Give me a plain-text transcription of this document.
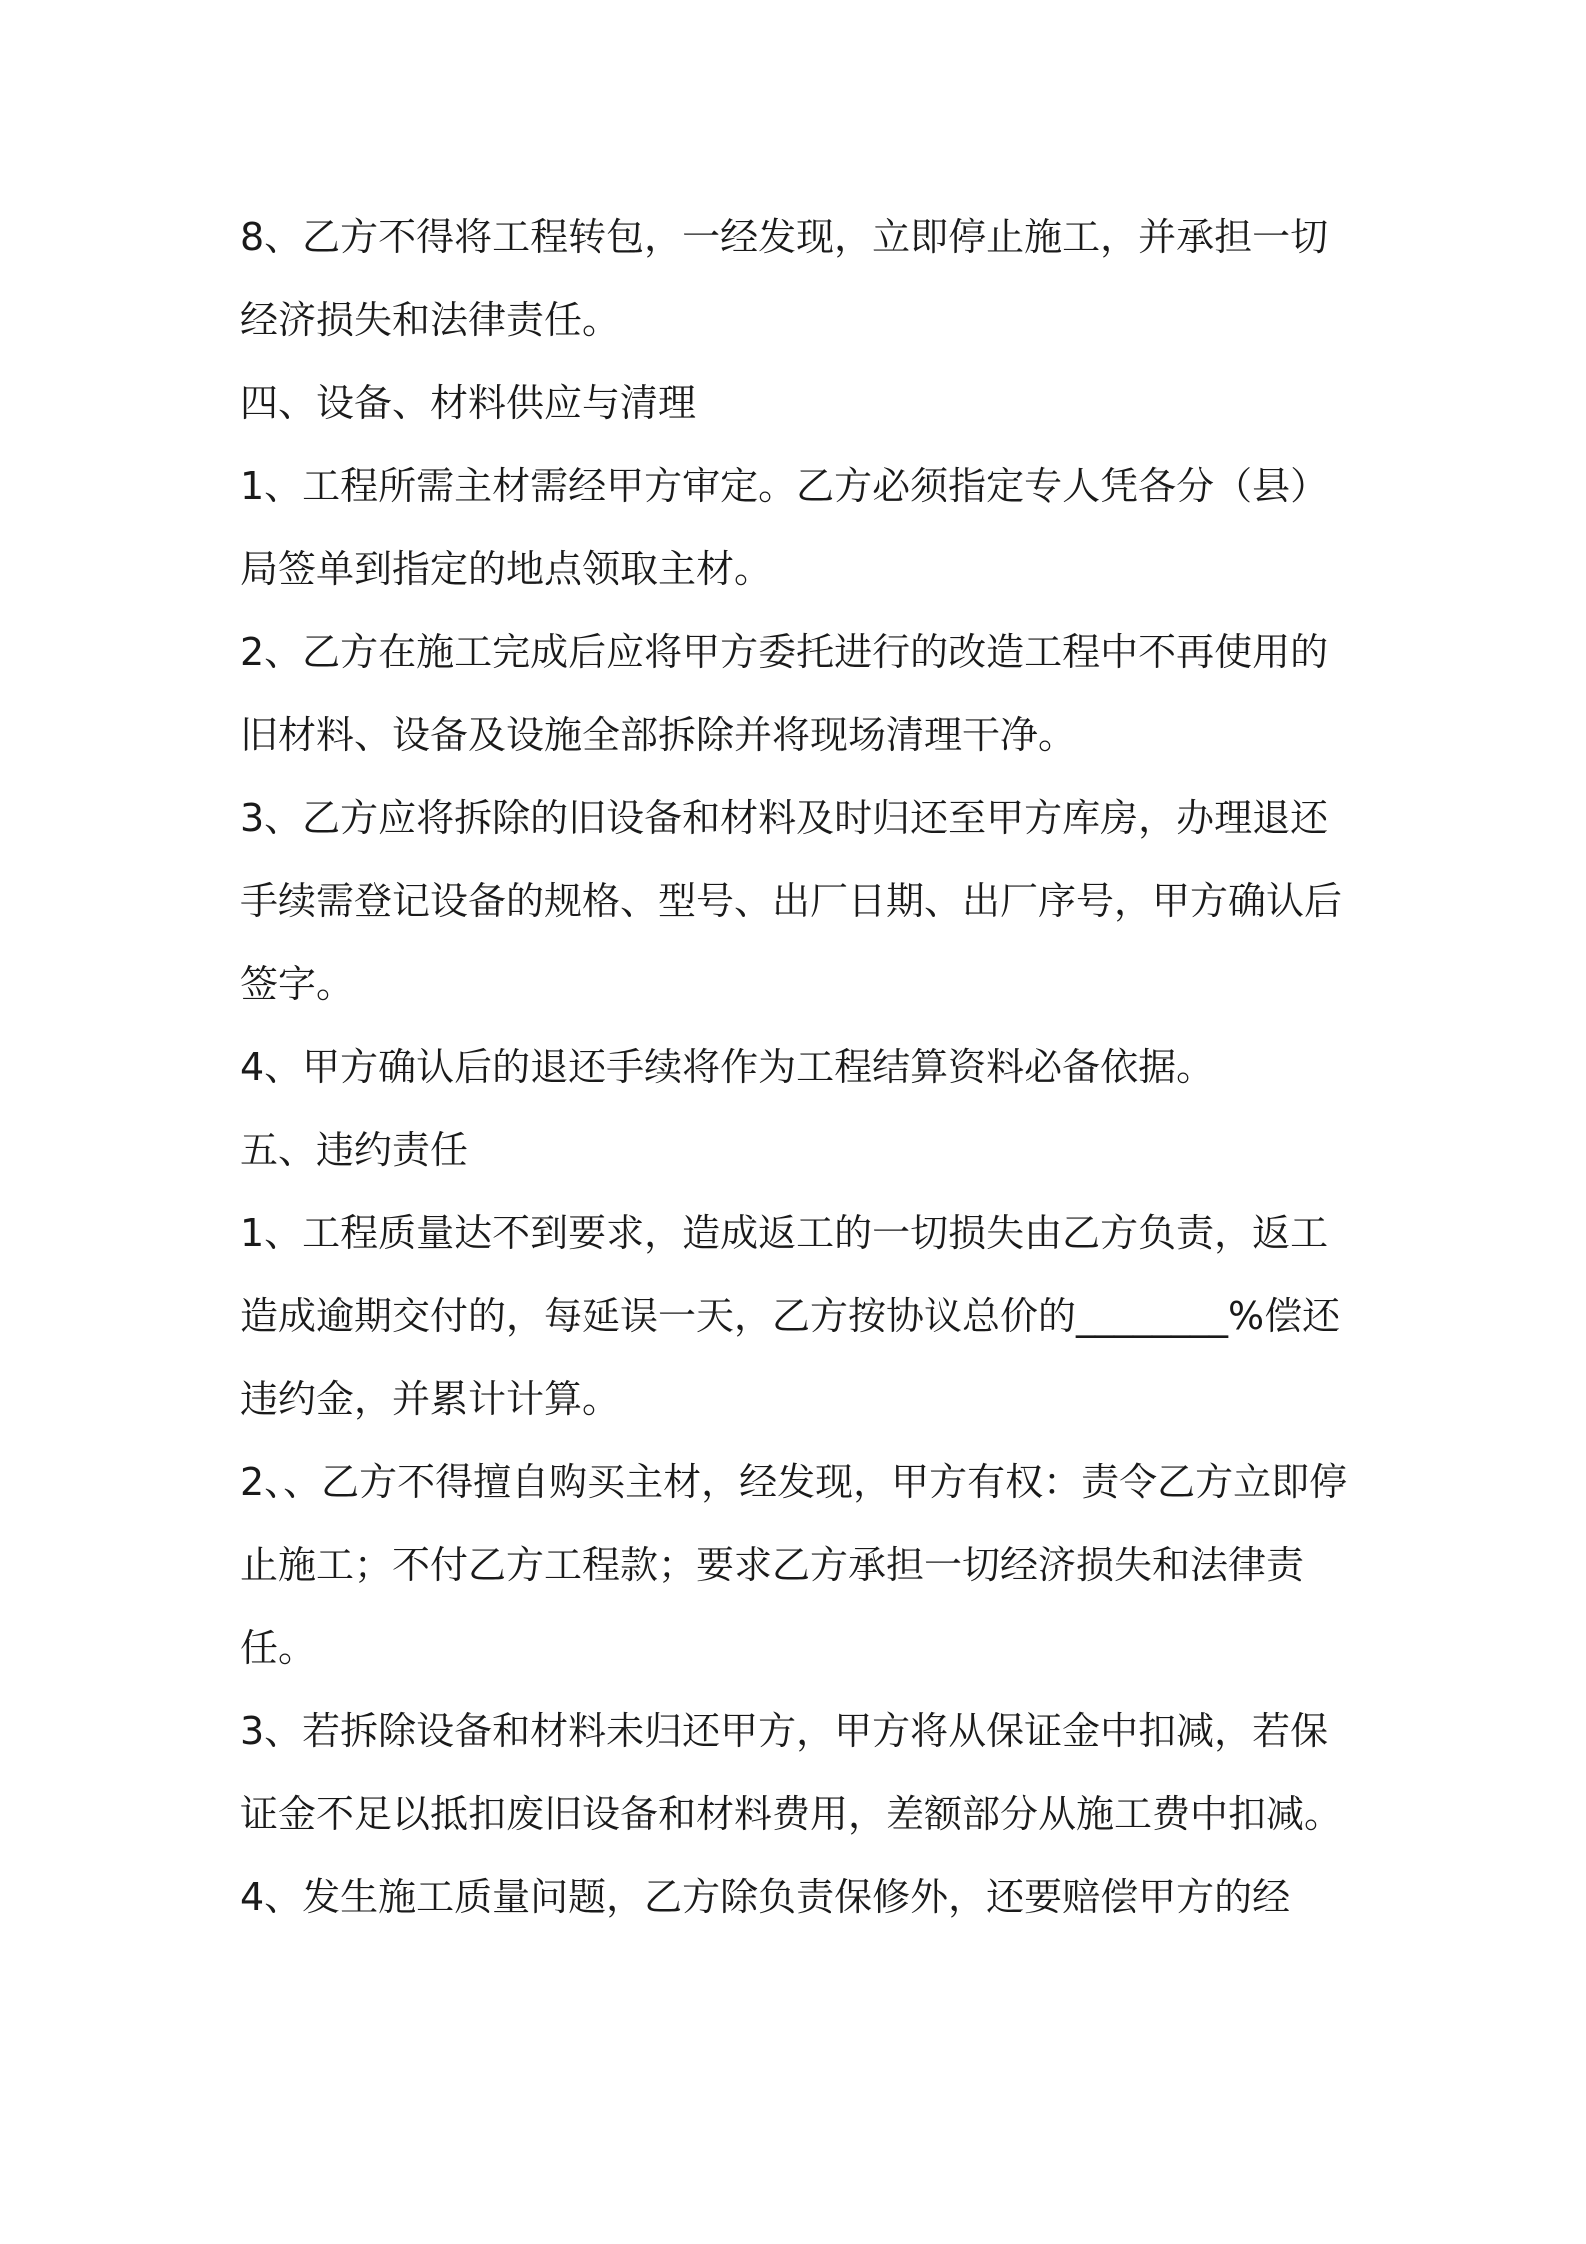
8、乙方不得将工程转包，一经发现，立即停止施工，并承担一切经济损失和法律责任。

四、设备、材料供应与清理

1、工程所需主材需经甲方审定。乙方必须指定专人凭各分（县）局签单到指定的地点领取主材。

2、乙方在施工完成后应将甲方委托进行的改造工程中不再使用的旧材料、设备及设施全部拆除并将现场清理干净。

3、乙方应将拆除的旧设备和材料及时归还至甲方库房，办理退还手续需登记设备的规格、型号、出厂日期、出厂序号，甲方确认后签字。

4、甲方确认后的退还手续将作为工程结算资料必备依据。

五、违约责任

1、工程质量达不到要求，造成返工的一切损失由乙方负责，返工造成逾期交付的，每延误一天，乙方按协议总价的________%偿还违约金，并累计计算。

2、、乙方不得擅自购买主材，经发现，甲方有权：责令乙方立即停止施工；不付乙方工程款；要求乙方承担一切经济损失和法律责任。

3、若拆除设备和材料未归还甲方，甲方将从保证金中扣减，若保证金不足以抵扣废旧设备和材料费用，差额部分从施工费中扣减。

4、发生施工质量问题，乙方除负责保修外，还要赔偿甲方的经
